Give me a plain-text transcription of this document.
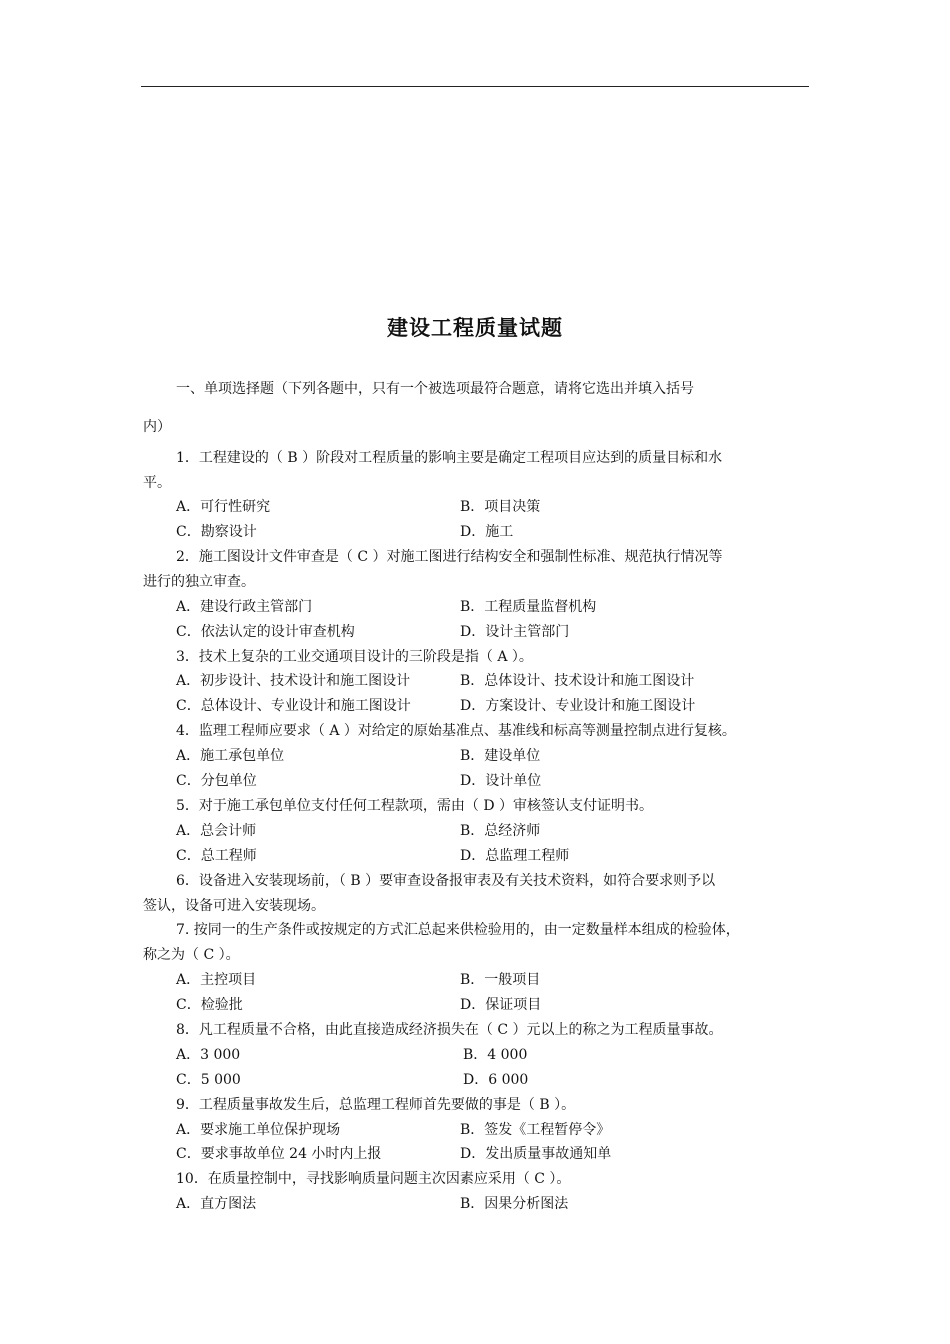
建设工程质量试题
一、单项选择题（下列各题中，只有一个被选项最符合题意，请将它选出并填入括号
内）
1．工程建设的（ B ）阶段对工程质量的影响主要是确定工程项目应达到的质量目标和水
平。
A．可行性研究	B．项目决策
C．勘察设计	D．施工
2．施工图设计文件审查是（ C ）对施工图进行结构安全和强制性标准、规范执行情况等
进行的独立审查。
A．建设行政主管部门	B．工程质量监督机构
C．依法认定的设计审查机构	D．设计主管部门
3．技术上复杂的工业交通项目设计的三阶段是指（ A ）。
A．初步设计、技术设计和施工图设计	B．总体设计、技术设计和施工图设计
C．总体设计、专业设计和施工图设计	D．方案设计、专业设计和施工图设计
4．监理工程师应要求（ A ）对给定的原始基准点、基准线和标高等测量控制点进行复核。
A．施工承包单位	B．建设单位
C．分包单位	D．设计单位
5．对于施工承包单位支付任何工程款项，需由（ D ）审核签认支付证明书。
A．总会计师	B．总经济师
C．总工程师	D．总监理工程师
6．设备进入安装现场前，（ B ）要审查设备报审表及有关技术资料，如符合要求则予以
签认，设备可进入安装现场。
7. 按同一的生产条件或按规定的方式汇总起来供检验用的，由一定数量样本组成的检验体，
称之为（ C ）。
A．主控项目	B．一般项目
C．检验批	D．保证项目
8．凡工程质量不合格，由此直接造成经济损失在（ C ）元以上的称之为工程质量事故。
A．3 000	B．4 000
C．5 000	D．6 000
9．工程质量事故发生后，总监理工程师首先要做的事是（ B ）。
A．要求施工单位保护现场	B．签发《工程暂停令》
C．要求事故单位 24 小时内上报	D．发出质量事故通知单
10．在质量控制中，寻找影响质量问题主次因素应采用（ C ）。
A．直方图法	B．因果分析图法
